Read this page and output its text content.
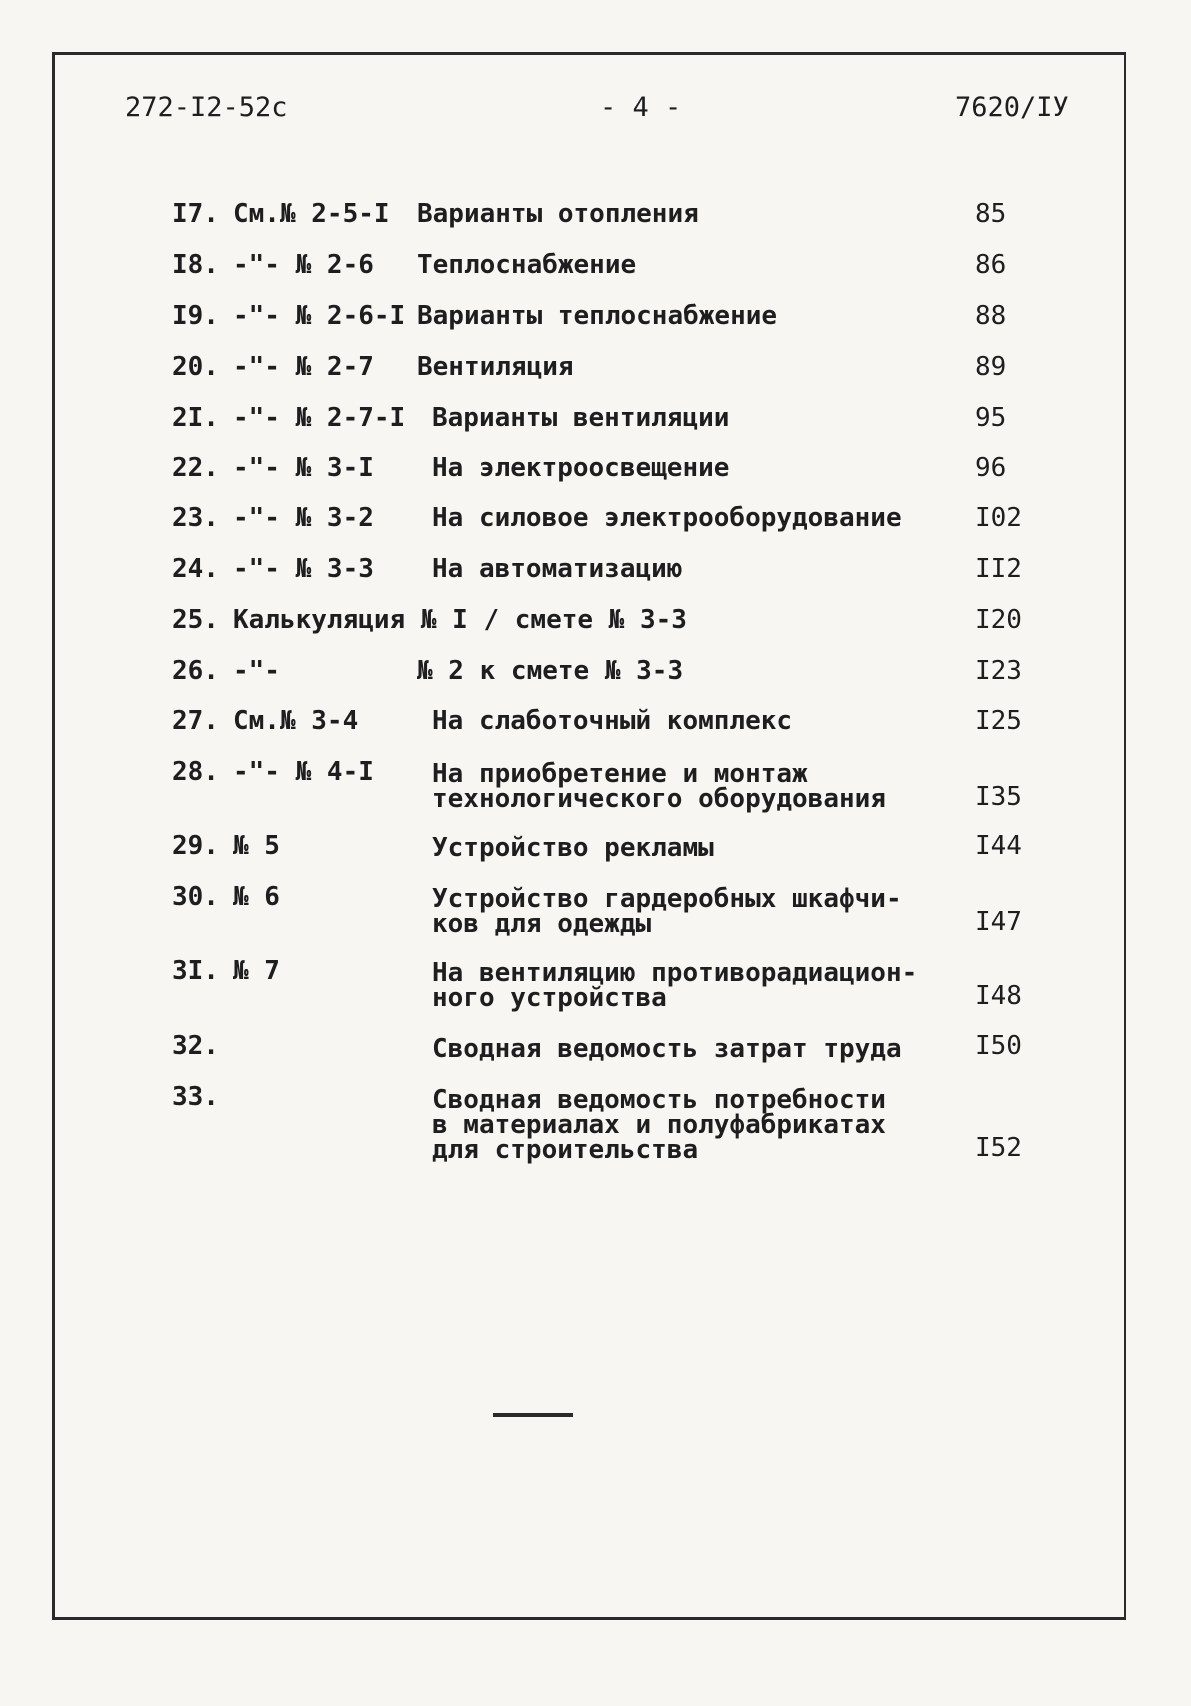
272-I2-52c	- 4 -	7620/IУ
I7. См.№ 2-5-I Варианты отопления	85
I8. -"- № 2-6 Теплоснабжение	86
I9. -"- № 2-6-I Варианты теплоснабжение	88
20. -"- № 2-7 Вентиляция	89
2I. -"- № 2-7-I Варианты вентиляции	95
22. -"- № 3-I На электроосвещение	96
23. -"- № 3-2 На силовое электрооборудование	I02
24. -"- № 3-3 На автоматизацию	II2
25. Калькуляция № I / смете № 3-3	I20
26. -"-	№ 2 к смете № 3-3	I23
27. См.№ 3-4	На слаботочный комплекс	I25
28. -"- № 4-I На приобретение и монтаж
технологического оборудования	I35
29. № 5	Устройство рекламы	I44
30. № 6	Устройство гардеробных шкафчи-
ков для одежды	I47
3I. № 7	На вентиляцию противорадиацион-
ного устройства	I48
32.	Сводная ведомость затрат труда	I50
33.	Сводная ведомость потребности
в материалах и полуфабрикатах
для строительства	I52
